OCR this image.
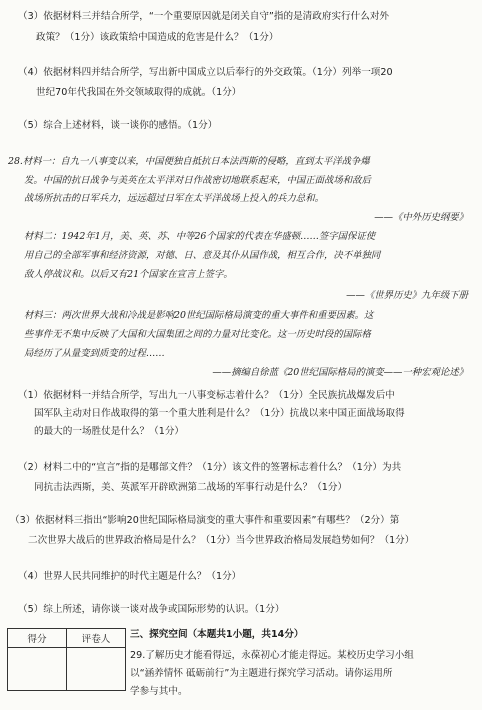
（3）依据材料三并结合所学，“一个重要原因就是闭关自守”指的是清政府实行什么对外
政策？（1分）该政策给中国造成的危害是什么？（1分）
（4）依据材料四并结合所学，写出新中国成立以后奉行的外交政策。（1分）列举一项20
世纪70年代我国在外交领域取得的成就。（1分）
（5）综合上述材料，谈一谈你的感悟。（1分）
28.材料一：自九一八事变以来，中国便独自抵抗日本法西斯的侵略，直到太平洋战争爆
发。中国的抗日战争与美英在太平洋对日作战密切地联系起来，中国正面战场和敌后
战场所抗击的日军兵力，远远超过日军在太平洋战场上投入的兵力总和。
——《中外历史纲要》
材料二：1942年1月，美、英、苏、中等26个国家的代表在华盛顿……签字国保证使
用自己的全部军事和经济资源，对德、日、意及其仆从国作战，相互合作，决不单独同
敌人停战议和。以后又有21个国家在宣言上签字。
——《世界历史》九年级下册
材料三：两次世界大战和冷战是影响20世纪国际格局演变的重大事件和重要因素。这
些事件无不集中反映了大国和大国集团之间的力量对比变化。这一历史时段的国际格
局经历了从量变到质变的过程……
——摘编自徐蓝《20世纪国际格局的演变——一种宏观论述》
（1）依据材料一并结合所学，写出九一八事变标志着什么？（1分）全民族抗战爆发后中
国军队主动对日作战取得的第一个重大胜利是什么？（1分）抗战以来中国正面战场取得
的最大的一场胜仗是什么？（1分）
（2）材料二中的“宣言”指的是哪部文件？（1分）该文件的签署标志着什么？（1分）为共
同抗击法西斯，美、英派军开辟欧洲第二战场的军事行动是什么？（1分）
（3）依据材料三指出“影响20世纪国际格局演变的重大事件和重要因素”有哪些？（2分）第
二次世界大战后的世界政治格局是什么？（1分）当今世界政治格局发展趋势如何？（1分）
（4）世界人民共同维护的时代主题是什么？（1分）
（5）综上所述，请你谈一谈对战争或国际形势的认识。（1分）
得分	评卷人
	三、探究空间（本题共1小题，共14分）
29.了解历史才能看得远，永葆初心才能走得远。某校历史学习小组
以“涵养情怀 砥砺前行”为主题进行探究学习活动。请你运用所
学参与其中。
